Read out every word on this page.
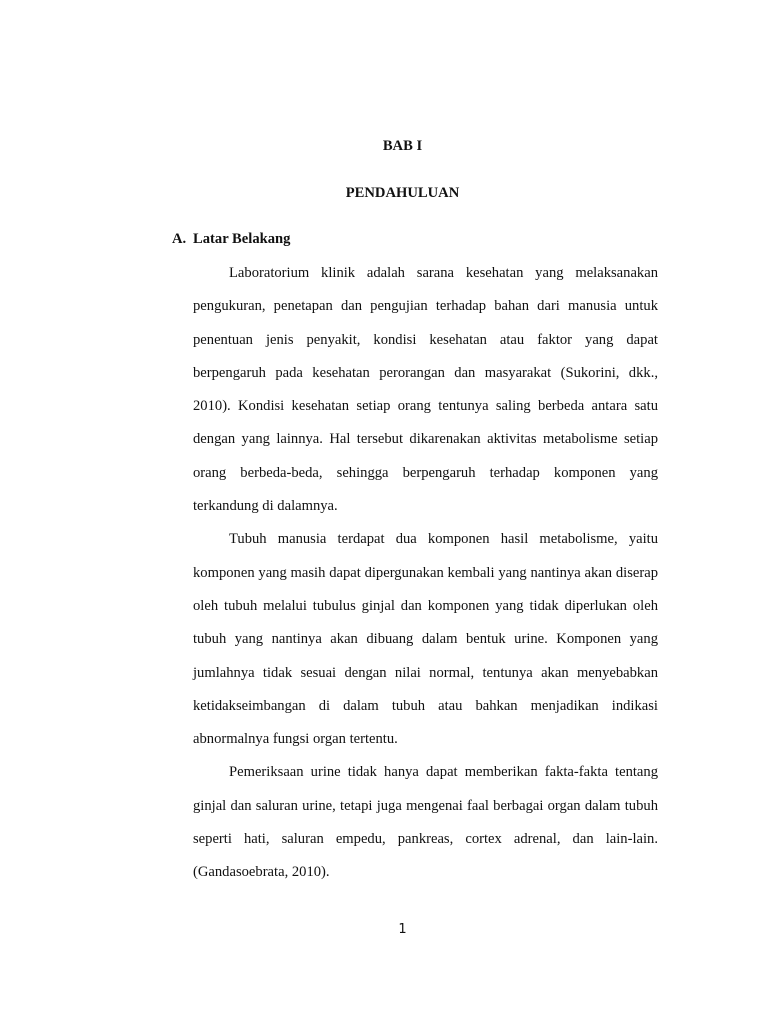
BAB I

PENDAHULUAN

A. Latar Belakang

Laboratorium klinik adalah sarana kesehatan yang melaksanakan pengukuran, penetapan dan pengujian terhadap bahan dari manusia untuk penentuan jenis penyakit, kondisi kesehatan atau faktor yang dapat berpengaruh pada kesehatan perorangan dan masyarakat (Sukorini, dkk., 2010). Kondisi kesehatan setiap orang tentunya saling berbeda antara satu dengan yang lainnya. Hal tersebut dikarenakan aktivitas metabolisme setiap orang berbeda-beda, sehingga berpengaruh terhadap komponen yang terkandung di dalamnya.

Tubuh manusia terdapat dua komponen hasil metabolisme, yaitu komponen yang masih dapat dipergunakan kembali yang nantinya akan diserap oleh tubuh melalui tubulus ginjal dan komponen yang tidak diperlukan oleh tubuh yang nantinya akan dibuang dalam bentuk urine. Komponen yang jumlahnya tidak sesuai dengan nilai normal, tentunya akan menyebabkan ketidakseimbangan di dalam tubuh atau bahkan menjadikan indikasi abnormalnya fungsi organ tertentu.

Pemeriksaan urine tidak hanya dapat memberikan fakta-fakta tentang ginjal dan saluran urine, tetapi juga mengenai faal berbagai organ dalam tubuh seperti hati, saluran empedu, pankreas, cortex adrenal, dan lain-lain. (Gandasoebrata, 2010).

1
